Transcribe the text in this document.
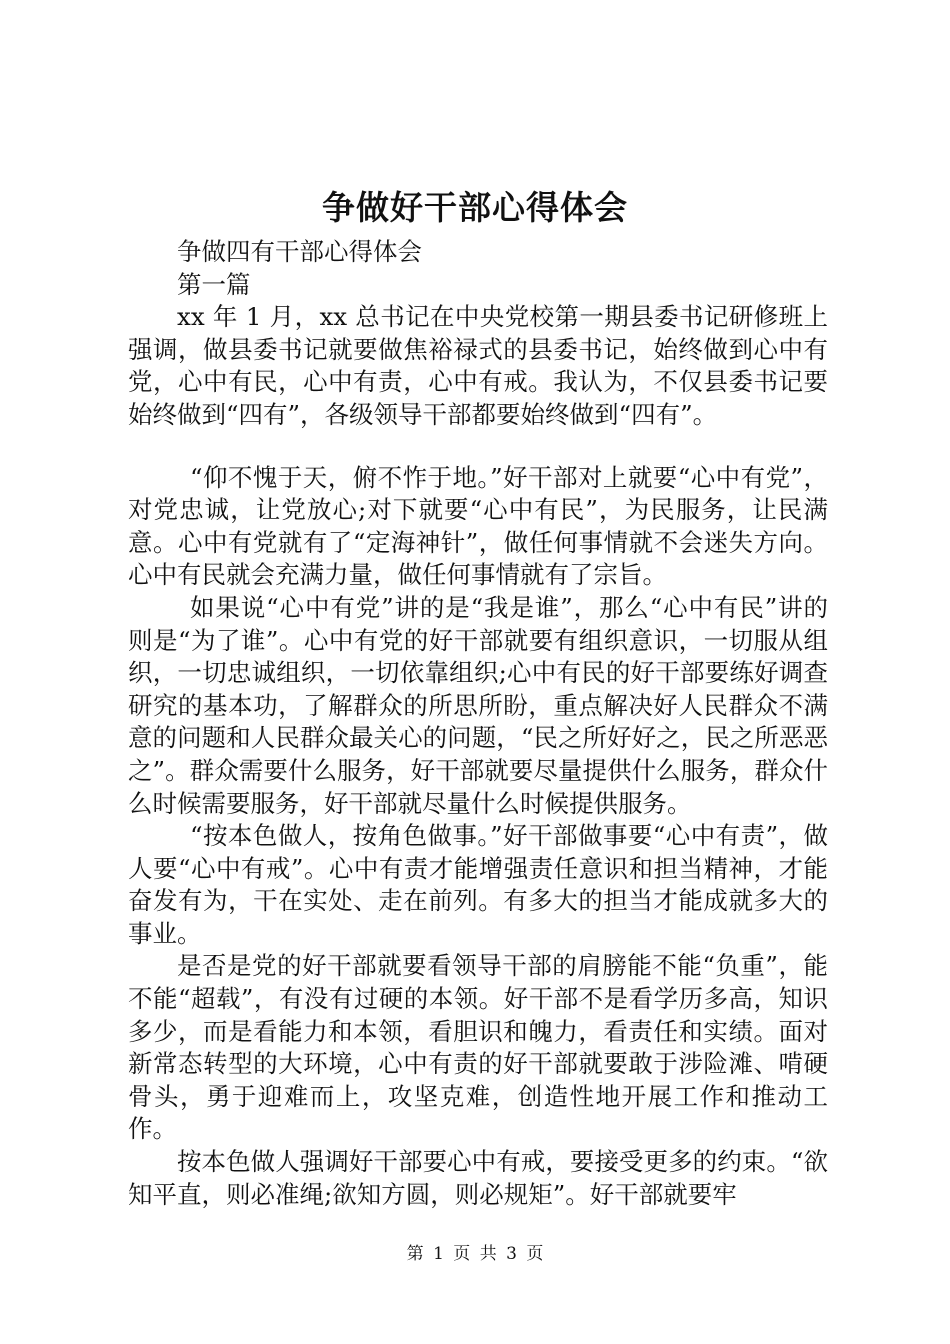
争做好干部心得体会

争做四有干部心得体会

第一篇

xx 年 1 月，xx 总书记在中央党校第一期县委书记研修班上强调，做县委书记就要做焦裕禄式的县委书记，始终做到心中有党，心中有民，心中有责，心中有戒。我认为，不仅县委书记要始终做到“四有”，各级领导干部都要始终做到“四有”。

“仰不愧于天，俯不怍于地。”好干部对上就要“心中有党”，对党忠诚，让党放心;对下就要“心中有民”，为民服务，让民满意。心中有党就有了“定海神针”，做任何事情就不会迷失方向。心中有民就会充满力量，做任何事情就有了宗旨。

如果说“心中有党”讲的是“我是谁”，那么“心中有民”讲的则是“为了谁”。心中有党的好干部就要有组织意识，一切服从组织，一切忠诚组织，一切依靠组织;心中有民的好干部要练好调查研究的基本功，了解群众的所思所盼，重点解决好人民群众不满意的问题和人民群众最关心的问题，“民之所好好之，民之所恶恶之”。群众需要什么服务，好干部就要尽量提供什么服务，群众什么时候需要服务，好干部就尽量什么时候提供服务。

“按本色做人，按角色做事。”好干部做事要“心中有责”，做人要“心中有戒”。心中有责才能增强责任意识和担当精神，才能奋发有为，干在实处、走在前列。有多大的担当才能成就多大的事业。

是否是党的好干部就要看领导干部的肩膀能不能“负重”，能不能“超载”，有没有过硬的本领。好干部不是看学历多高，知识多少，而是看能力和本领，看胆识和魄力，看责任和实绩。面对新常态转型的大环境，心中有责的好干部就要敢于涉险滩、啃硬骨头，勇于迎难而上，攻坚克难，创造性地开展工作和推动工作。

按本色做人强调好干部要心中有戒，要接受更多的约束。“欲知平直，则必准绳;欲知方圆，则必规矩”。好干部就要牢

第 1 页 共 3 页
